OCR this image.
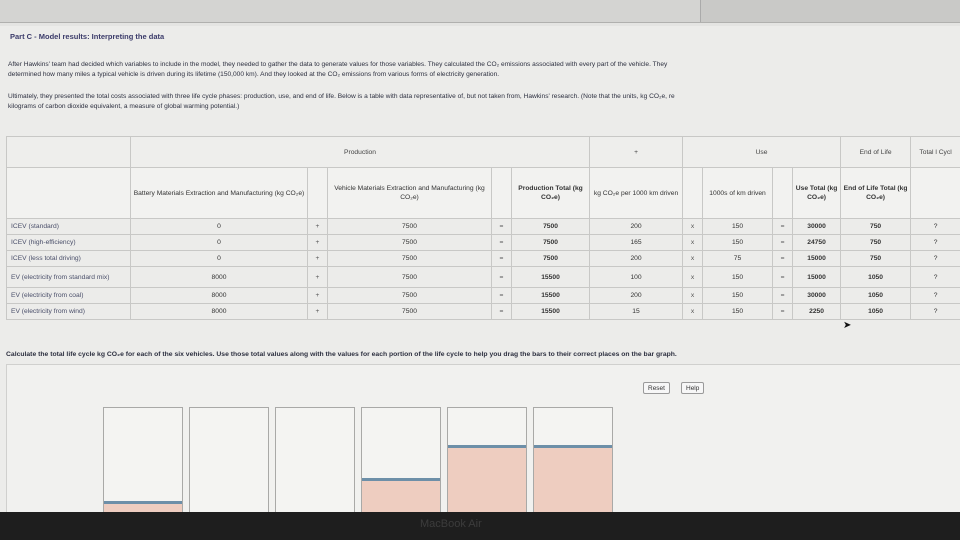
Part C - Model results: Interpreting the data
After Hawkins' team had decided which variables to include in the model, they needed to gather the data to generate values for those variables. They calculated the CO₂ emissions associated with every part of the vehicle. They
determined how many miles a typical vehicle is driven during its lifetime (150,000 km). And they looked at the CO₂ emissions from various forms of electricity generation.
Ultimately, they presented the total costs associated with three life cycle phases: production, use, and end of life. Below is a table with data representative of, but not taken from, Hawkins' research. (Note that the units, kg CO₂e, re
kilograms of carbon dioxide equivalent, a measure of global warming potential.)
	Production					+	Use				End of Life	Total l Cycl
	Battery Materials Extraction and Manufacturing (kg CO₂e)		Vehicle Materials Extraction and Manufacturing (kg CO₂e)		Production Total (kg CO₂e)	kg CO₂e per 1000 km driven		1000s of km driven		Use Total (kg CO₂e)	End of Life Total (kg CO₂e)	
ICEV (standard)	0	+	7500	=	7500	200	x	150	=	30000	750	?
ICEV (high-efficiency)	0	+	7500	=	7500	165	x	150	=	24750	750	?
ICEV (less total driving)	0	+	7500	=	7500	200	x	75	=	15000	750	?
EV (electricity from standard mix)	8000	+	7500	=	15500	100	x	150	=	15000	1050	?
EV (electricity from coal)	8000	+	7500	=	15500	200	x	150	=	30000	1050	?
EV (electricity from wind)	8000	+	7500	=	15500	15	x	150	=	2250	1050	?
Calculate the total life cycle kg CO₂e for each of the six vehicles. Use those total values along with the values for each portion of the life cycle to help you drag the bars to their correct places on the bar graph.
Reset	Help
➤
MacBook Air
